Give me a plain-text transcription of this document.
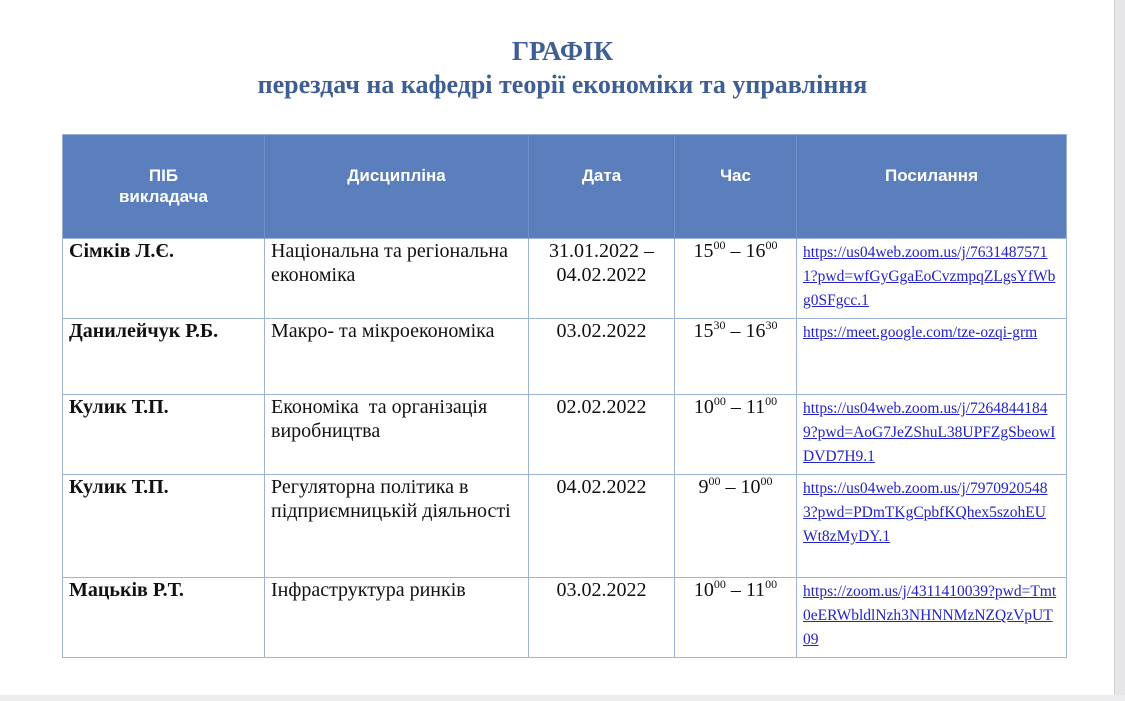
ГРАФІК
перездач на кафедрі теорії економіки та управління
ПІБ викладача	Дисципліна	Дата	Час	Посилання
Сімків Л.Є.	Національна та регіональна економіка	31.01.2022 – 04.02.2022	$15^{00} - 16^{00}$	https://us04web.zoom.us/j/76314875711?pwd=wfGyGgaEoCvzmpqZLgsYfWbg0SFgcc.1
Данилейчук Р.Б.	Макро- та мікроекономіка	03.02.2022	$15^{30} - 16^{30}$	https://meet.google.com/tze-ozqi-grm
Кулик Т.П.	Економіка  та організація виробництва	02.02.2022	$10^{00} - 11^{00}$	https://us04web.zoom.us/j/72648441849?pwd=AoG7JeZShuL38UPFZgSbeowIDVD7H9.1
Кулик Т.П.	Регуляторна політика в підприємницькій діяльності	04.02.2022	$9^{00} - 10^{00}$	https://us04web.zoom.us/j/79709205483?pwd=PDmTKgCpbfKQhex5szohEUWt8zMyDY.1
Мацьків Р.Т.	Інфраструктура ринків	03.02.2022	$10^{00} - 11^{00}$	https://zoom.us/j/4311410039?pwd=Tmt0eERWbldlNzh3NHNNMzNZQzVpUT09
